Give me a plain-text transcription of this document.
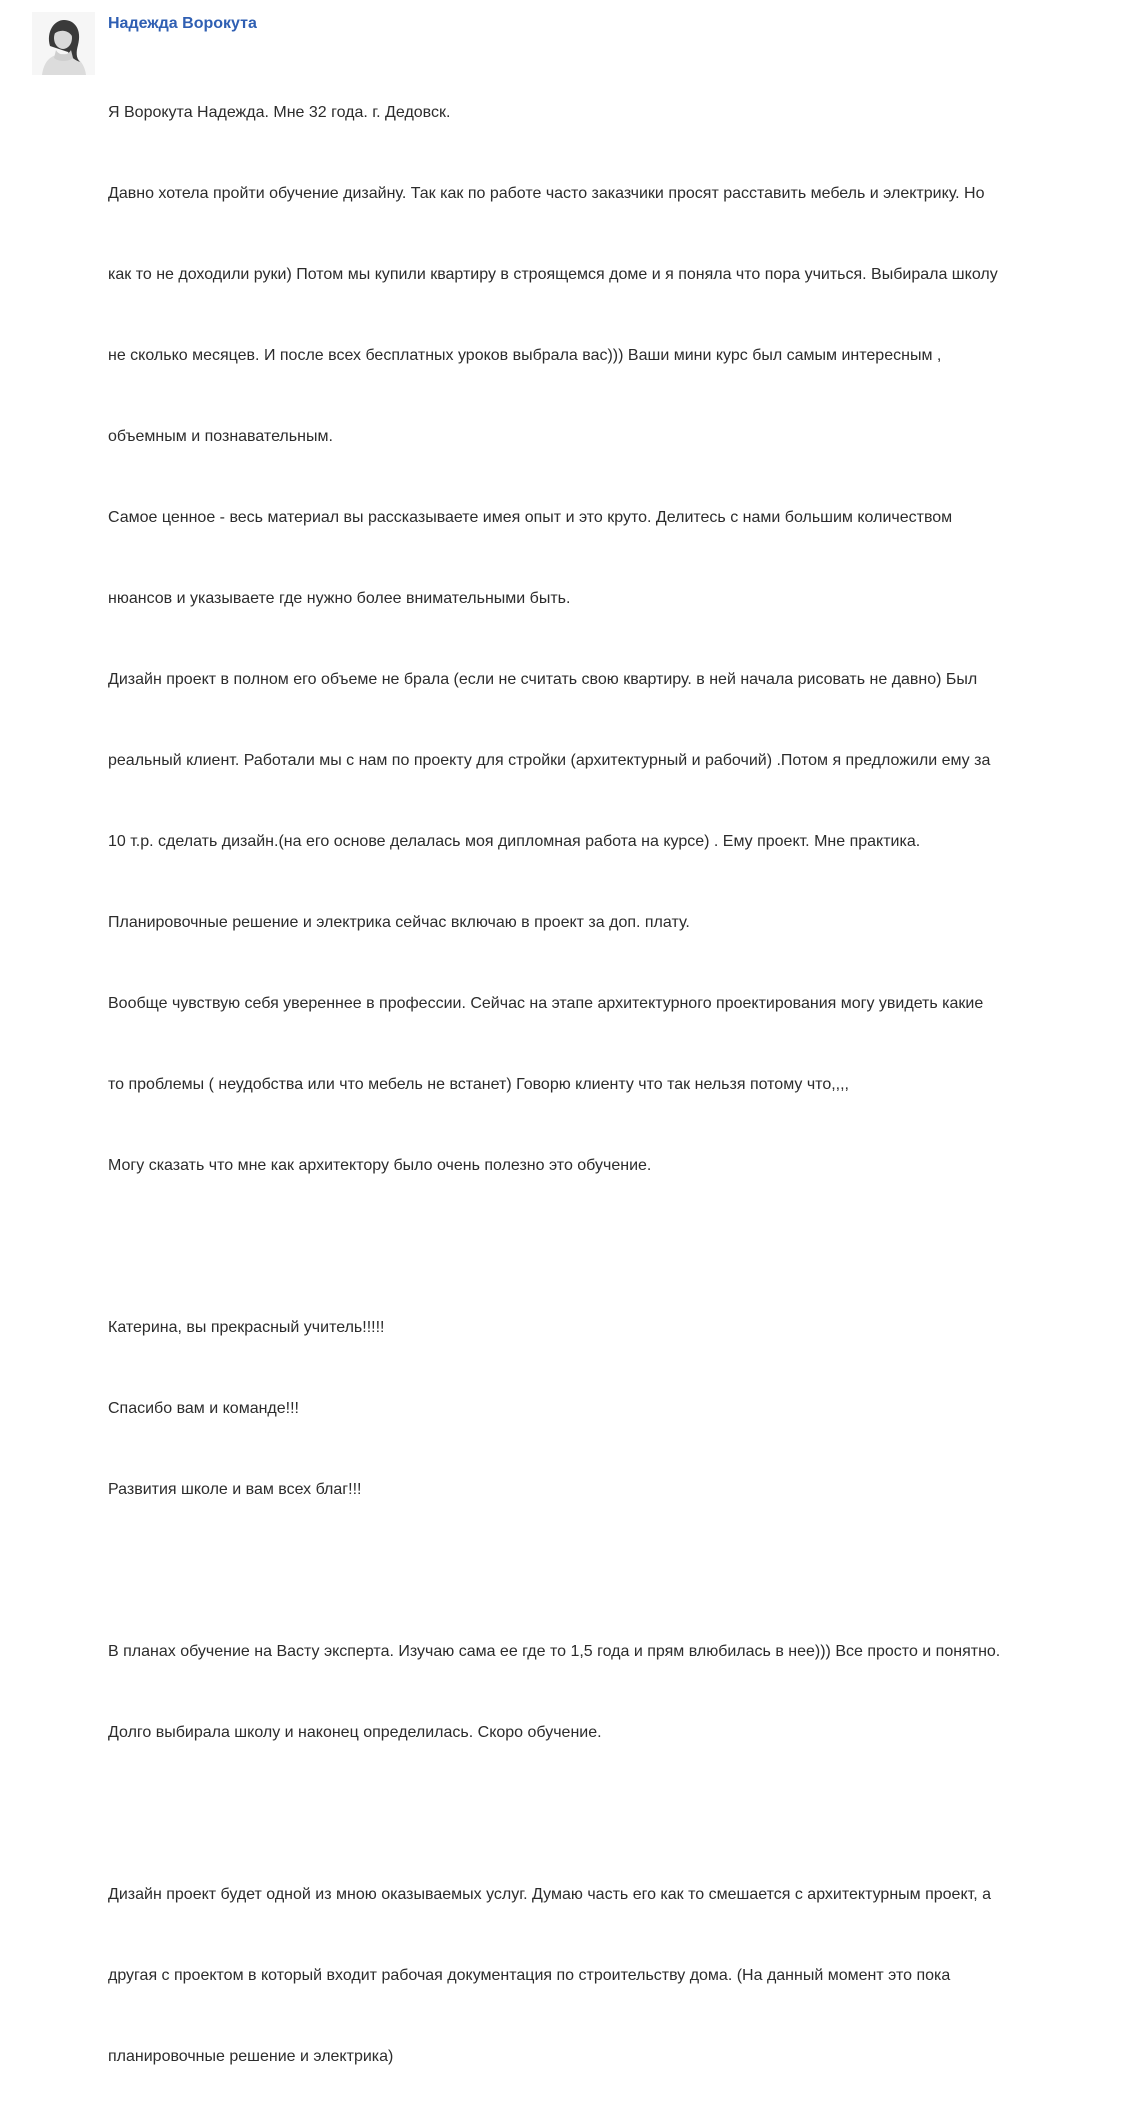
Надежда Ворокута

Я Ворокута Надежда. Мне 32 года. г. Дедовск.

Давно хотела пройти обучение дизайну. Так как по работе часто заказчики просят расставить мебель и электрику. Но

как то не доходили руки) Потом мы купили квартиру в строящемся доме и я поняла что пора учиться. Выбирала школу

не сколько месяцев. И после всех бесплатных уроков выбрала вас))) Ваши мини курс был самым интересным ,

объемным и познавательным.

Самое ценное - весь материал вы рассказываете имея опыт и это круто. Делитесь с нами большим количеством

нюансов и указываете где нужно более внимательными быть.

Дизайн проект в полном его объеме не брала (если не считать свою квартиру. в ней начала рисовать не давно) Был

реальный клиент. Работали мы с нам по проекту для стройки (архитектурный и рабочий) .Потом я предложили ему за

10 т.р. сделать дизайн.(на его основе делалась моя дипломная работа на курсе) . Ему проект. Мне практика.

Планировочные решение и электрика сейчас включаю в проект за доп. плату.

Вообще чувствую себя увереннее в профессии. Сейчас на этапе архитектурного проектирования могу увидеть какие

то проблемы ( неудобства или что мебель не встанет) Говорю клиенту что так нельзя потому что,,,,

Могу сказать что мне как архитектору было очень полезно это обучение.

Катерина, вы прекрасный учитель!!!!!

Спасибо вам и команде!!!

Развития школе и вам всех благ!!!

В планах обучение на Васту эксперта. Изучаю сама ее где то 1,5 года и прям влюбилась в нее))) Все просто и понятно.

Долго выбирала школу и наконец определилась. Скоро обучение.

Дизайн проект будет одной из мною оказываемых услуг. Думаю часть его как то смешается с архитектурным проект, а

другая с проектом в который входит рабочая документация по строительству дома. (На данный момент это пока

планировочные решение и электрика)
